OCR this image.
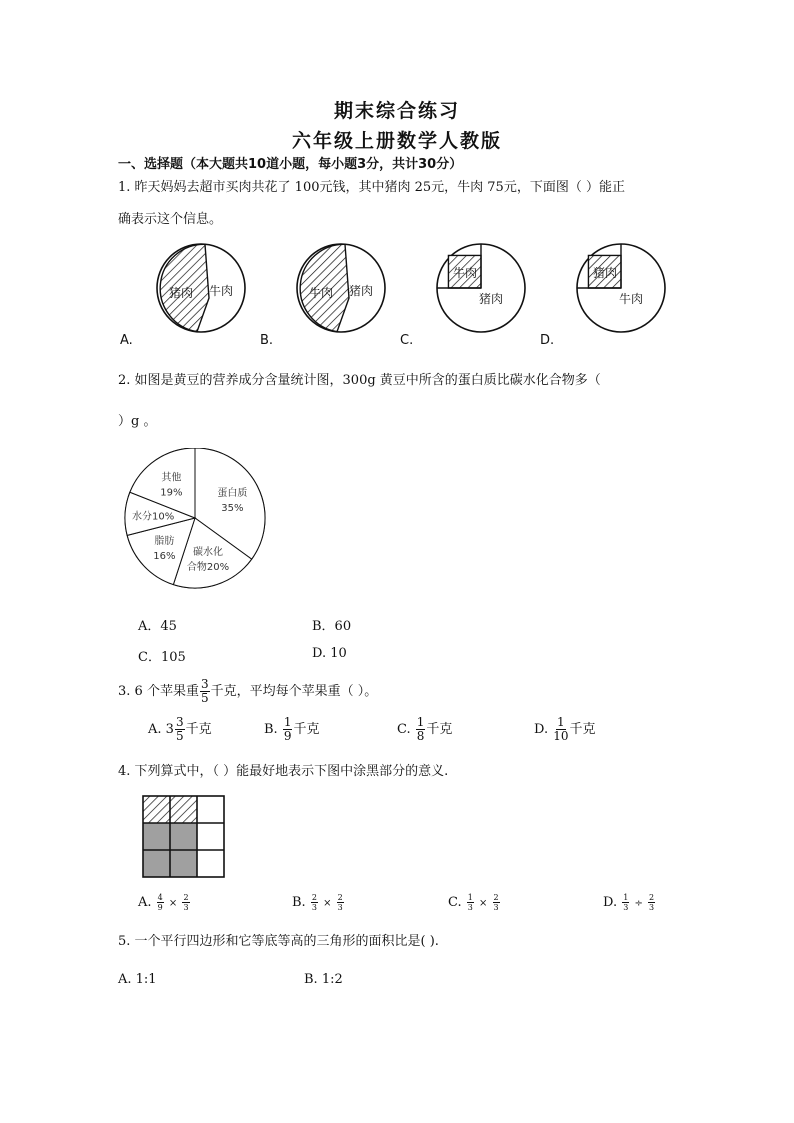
期末综合练习
六年级上册数学人教版
一、选择题（本大题共10道小题，每小题3分，共计30分）
1. 昨天妈妈去超市买肉共花了 100元钱，其中猪肉 25元，牛肉 75元，下面图（ ）能正
确表示这个信息。
猪肉 牛肉
A.
牛肉 猪肉
B.
牛肉
猪肉
C.
猪肉
牛肉
D.
2. 如图是黄豆的营养成分含量统计图，300g 黄豆中所含的蛋白质比碳水化合物多（
）g 。
蛋白质 35%
碳水化合物20%
脂肪 16%
水分10%
其他 19%
A．45	B．60
C．105	D. 10
3. 6 个苹果重 $\frac{3}{5}$ 千克，平均每个苹果重（ ）。
A. $3 \frac{3}{5}$ 千克	B. $\frac{1}{9}$ 千克	C. $\frac{1}{8}$ 千克	D. $\frac{1}{10}$ 千克
4. 下列算式中，（ ）能最好地表示下图中涂黑部分的意义.
A. $\frac{4}{9} \times \frac{2}{3}$	B. $\frac{2}{3} \times \frac{2}{3}$	C. $\frac{1}{3} \times \frac{2}{3}$	D. $\frac{1}{3} \div \frac{2}{3}$
5. 一个平行四边形和它等底等高的三角形的面积比是( ).
A. 1:1	B. 1:2
